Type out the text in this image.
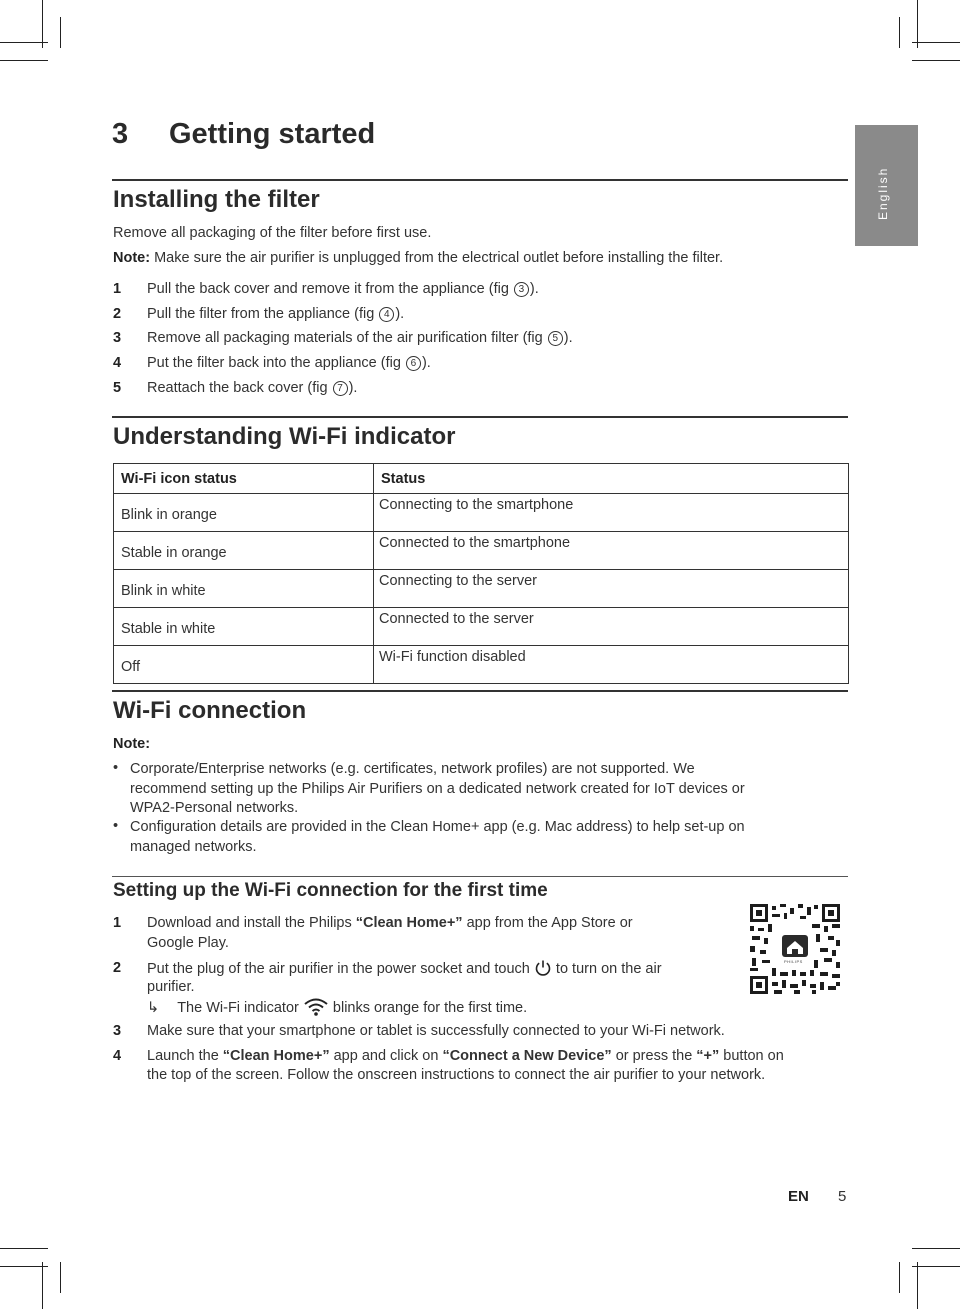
English
3 Getting started
Installing the filter
Remove all packaging of the filter before first use.
Note: Make sure the air purifier is unplugged from the electrical outlet before installing the filter.
1 Pull the back cover and remove it from the appliance (fig 3 ).
2 Pull the filter from the appliance (fig 4 ).
3 Remove all packaging materials of the air purification filter (fig 5 ).
4 Put the filter back into the appliance (fig 6 ).
5 Reattach the back cover (fig 7 ).
Understanding Wi-Fi indicator
Wi-Fi icon status	Status
Blink in orange	Connecting to the smartphone
Stable in orange	Connected to the smartphone
Blink in white	Connecting to the server
Stable in white	Connected to the server
Off	Wi-Fi function disabled
Wi-Fi connection
Note:
• Corporate/Enterprise networks (e.g. certificates, network profiles) are not supported. We
recommend setting up the Philips Air Purifiers on a dedicated network created for IoT devices or
WPA2-Personal networks.
• Configuration details are provided in the Clean Home+ app (e.g. Mac address) to help set-up on
managed networks.
Setting up the Wi-Fi connection for the first time
PHILIPS
1 Download and install the Philips “Clean Home+” app from the App Store or
Google Play.
2 Put the plug of the air purifier in the power socket and touch  to turn on the air
purifier.
↳ The Wi-Fi indicator  blinks orange for the first time.
3 Make sure that your smartphone or tablet is successfully connected to your Wi-Fi network.
4 Launch the “Clean Home+” app and click on “Connect a New Device” or press the “+” button on
the top of the screen. Follow the onscreen instructions to connect the air purifier to your network.
EN 5
